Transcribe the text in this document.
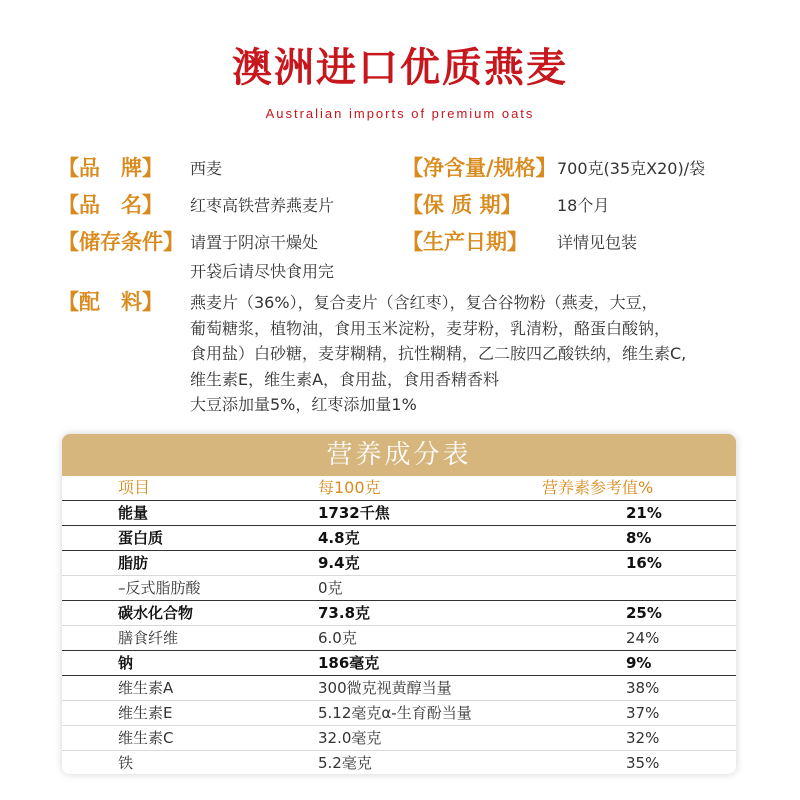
澳洲进口优质燕麦
Australian imports of premium oats
【品　牌】 西麦
【品　名】 红枣高铁营养燕麦片
【储存条件】 请置于阴凉干燥处
开袋后请尽快食用完
【净含量/规格】 700克(35克X20)/袋
【保 质 期】 18个月
【生产日期】 详情见包装
【配　料】 燕麦片（36%），复合麦片（含红枣），复合谷物粉（燕麦，大豆，
葡萄糖浆，植物油，食用玉米淀粉，麦芽粉，乳清粉，酪蛋白酸钠，
食用盐）白砂糖，麦芽糊精，抗性糊精，乙二胺四乙酸铁纳，维生素C,
维生素E，维生素A，食用盐，食用香精香料
大豆添加量5%，红枣添加量1%
营养成分表
项目	每100克	营养素参考值%
能量	1732千焦	21%
蛋白质	4.8克	8%
脂肪	9.4克	16%
–反式脂肪酸	0克
碳水化合物	73.8克	25%
膳食纤维	6.0克	24%
钠	186毫克	9%
维生素A	300微克视黄醇当量	38%
维生素E	5.12毫克α-生育酚当量	37%
维生素C	32.0毫克	32%
铁	5.2毫克	35%
